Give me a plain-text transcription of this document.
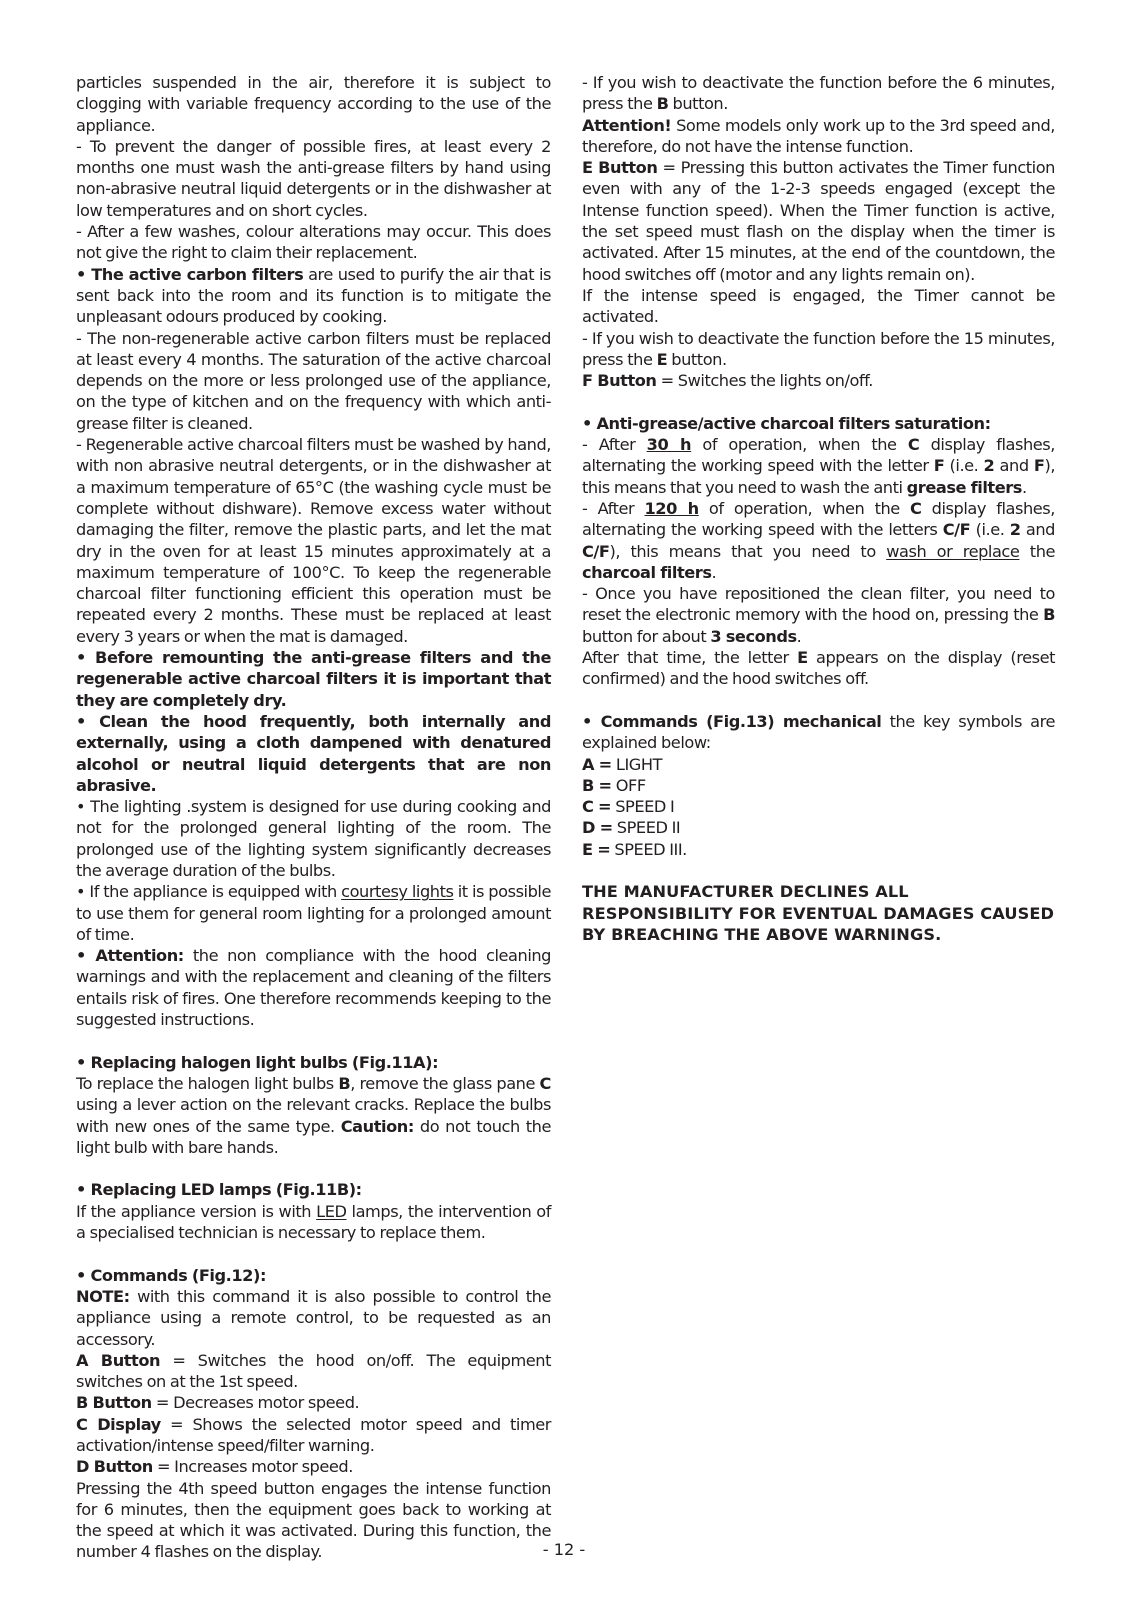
particles suspended in the air, therefore it is subject to clogging with variable frequency according to the use of the appliance.

- To prevent the danger of possible fires, at least every 2 months one must wash the anti-grease filters by hand using non-abrasive neutral liquid detergents or in the dishwasher at low temperatures and on short cycles.

- After a few washes, colour alterations may occur. This does not give the right to claim their replacement.

• The active carbon filters are used to purify the air that is sent back into the room and its function is to mitigate the unpleasant odours produced by cooking.

- The non-regenerable active carbon filters must be replaced at least every 4 months. The saturation of the active charcoal depends on the more or less prolonged use of the appliance, on the type of kitchen and on the frequency with which anti-grease filter is cleaned.

- Regenerable active charcoal filters must be washed by hand, with non abrasive neutral detergents, or in the dishwasher at a maximum temperature of 65°C (the washing cycle must be complete without dishware). Remove excess water without damaging the filter, remove the plastic parts, and let the mat dry in the oven for at least 15 minutes approximately at a maximum temperature of 100°C. To keep the regenerable charcoal filter functioning efficient this operation must be repeated every 2 months. These must be replaced at least every 3 years or when the mat is damaged.

• Before remounting the anti-grease filters and the regenerable active charcoal filters it is important that they are completely dry.

• Clean the hood frequently, both internally and externally, using a cloth dampened with denatured alcohol or neutral liquid detergents that are non abrasive.

• The lighting .system is designed for use during cooking and not for the prolonged general lighting of the room. The prolonged use of the lighting system significantly decreases the average duration of the bulbs.

• If the appliance is equipped with courtesy lights it is possible to use them for general room lighting for a prolonged amount of time.

• Attention: the non compliance with the hood cleaning warnings and with the replacement and cleaning of the filters entails risk of fires. One therefore recommends keeping to the suggested instructions.

• Replacing halogen light bulbs (Fig.11A):

To replace the halogen light bulbs B, remove the glass pane C using a lever action on the relevant cracks. Replace the bulbs with new ones of the same type. Caution: do not touch the light bulb with bare hands.

• Replacing LED lamps (Fig.11B):

If the appliance version is with LED lamps, the intervention of a specialised technician is necessary to replace them.

• Commands (Fig.12):

NOTE: with this command it is also possible to control the appliance using a remote control, to be requested as an accessory.

A Button = Switches the hood on/off. The equipment switches on at the 1st speed.

B Button = Decreases motor speed.

C Display = Shows the selected motor speed and timer activation/intense speed/filter warning.

D Button = Increases motor speed.

Pressing the 4th speed button engages the intense function for 6 minutes, then the equipment goes back to working at the speed at which it was activated. During this function, the number 4 flashes on the display.

- If you wish to deactivate the function before the 6 minutes, press the B button.

Attention! Some models only work up to the 3rd speed and, therefore, do not have the intense function.

E Button = Pressing this button activates the Timer function even with any of the 1-2-3 speeds engaged (except the Intense function speed). When the Timer function is active, the set speed must flash on the display when the timer is activated. After 15 minutes, at the end of the countdown, the hood switches off (motor and any lights remain on).

If the intense speed is engaged, the Timer cannot be activated.

- If you wish to deactivate the function before the 15 minutes, press the E button.

F Button = Switches the lights on/off.

• Anti-grease/active charcoal filters saturation:

- After 30 h of operation, when the C display flashes, alternating the working speed with the letter F (i.e. 2 and F), this means that you need to wash the anti grease filters.

- After 120 h of operation, when the C display flashes, alternating the working speed with the letters C/F (i.e. 2 and C/F), this means that you need to wash or replace the charcoal filters.

- Once you have repositioned the clean filter, you need to reset the electronic memory with the hood on, pressing the B button for about 3 seconds.

After that time, the letter E appears on the display (reset confirmed) and the hood switches off.

• Commands (Fig.13) mechanical the key symbols are explained below:

A = LIGHT

B = OFF

C = SPEED I

D = SPEED II

E = SPEED III.

THE MANUFACTURER DECLINES ALL RESPONSIBILITY FOR EVENTUAL DAMAGES CAUSED BY BREACHING THE ABOVE WARNINGS.

- 12 -
